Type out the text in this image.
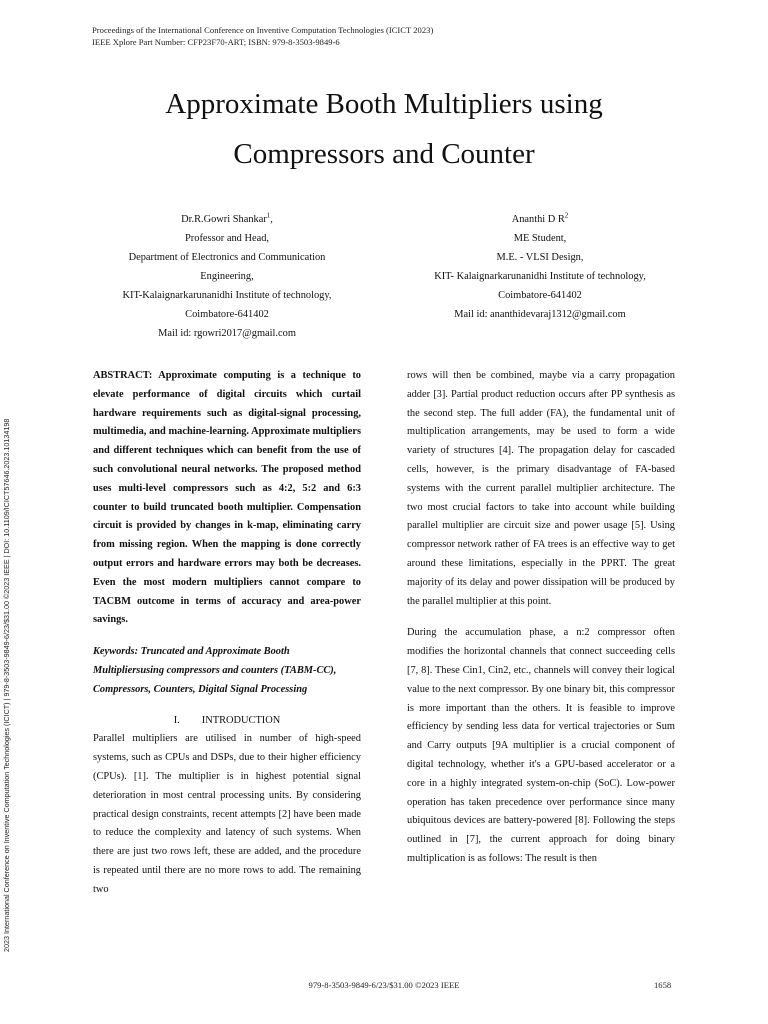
Proceedings of the International Conference on Inventive Computation Technologies (ICICT 2023)
IEEE Xplore Part Number: CFP23F70-ART; ISBN: 979-8-3503-9849-6
Approximate Booth Multipliers using
Compressors and Counter
Dr.R.Gowri Shankar$^1$,
Professor and Head,
Department of Electronics and Communication
Engineering,
KIT-Kalaignarkarunanidhi Institute of technology,
Coimbatore-641402
Mail id: rgowri2017@gmail.com
Ananthi D $R^2$
ME Student,
M.E. - VLSI Design,
KIT- Kalaignarkarunanidhi Institute of technology,
Coimbatore-641402
Mail id: ananthidevaraj1312@gmail.com
2023 International Conference on Inventive Computation Technologies (ICICT) | 979-8-3503-9849-6/23/$31.00 ©2023 IEEE | DOI: 10.1109/ICICT57646.2023.10134198

ABSTRACT: Approximate computing is a technique to elevate performance of digital circuits which curtail hardware requirements such as digital-signal processing, multimedia, and machine-learning. Approximate multipliers and different techniques which can benefit from the use of such convolutional neural networks. The proposed method uses multi-level compressors such as 4:2, 5:2 and 6:3 counter to build truncated booth multiplier. Compensation circuit is provided by changes in k-map, eliminating carry from missing region. When the mapping is done correctly output errors and hardware errors may both be decreases. Even the most modern multipliers cannot compare to TACBM outcome in terms of accuracy and area-power savings.

Keywords: Truncated and Approximate Booth Multipliersusing compressors and counters (TABM-CC), Compressors, Counters, Digital Signal Processing

I. INTRODUCTION

Parallel multipliers are utilised in number of high-speed systems, such as CPUs and DSPs, due to their higher efficiency (CPUs). [1]. The multiplier is in highest potential signal deterioration in most central processing units. By considering practical design constraints, recent attempts [2] have been made to reduce the complexity and latency of such systems. When there are just two rows left, these are added, and the procedure is repeated until there are no more rows to add. The remaining two

rows will then be combined, maybe via a carry propagation adder [3]. Partial product reduction occurs after PP synthesis as the second step. The full adder (FA), the fundamental unit of multiplication arrangements, may be used to form a wide variety of structures [4]. The propagation delay for cascaded cells, however, is the primary disadvantage of FA-based systems with the current parallel multiplier architecture. The two most crucial factors to take into account while building parallel multiplier are circuit size and power usage [5]. Using compressor network rather of FA trees is an effective way to get around these limitations, especially in the PPRT. The great majority of its delay and power dissipation will be produced by the parallel multiplier at this point.

During the accumulation phase, a n:2 compressor often modifies the horizontal channels that connect succeeding cells [7, 8]. These Cin1, Cin2, etc., channels will convey their logical value to the next compressor. By one binary bit, this compressor is more important than the others. It is feasible to improve efficiency by sending less data for vertical trajectories or Sum and Carry outputs [9A multiplier is a crucial component of digital technology, whether it's a GPU-based accelerator or a core in a highly integrated system-on-chip (SoC). Low-power operation has taken precedence over performance since many ubiquitous devices are battery-powered [8]. Following the steps outlined in [7], the current approach for doing binary multiplication is as follows: The result is then

979-8-3503-9849-6/23/$31.00 ©2023 IEEE	1658
